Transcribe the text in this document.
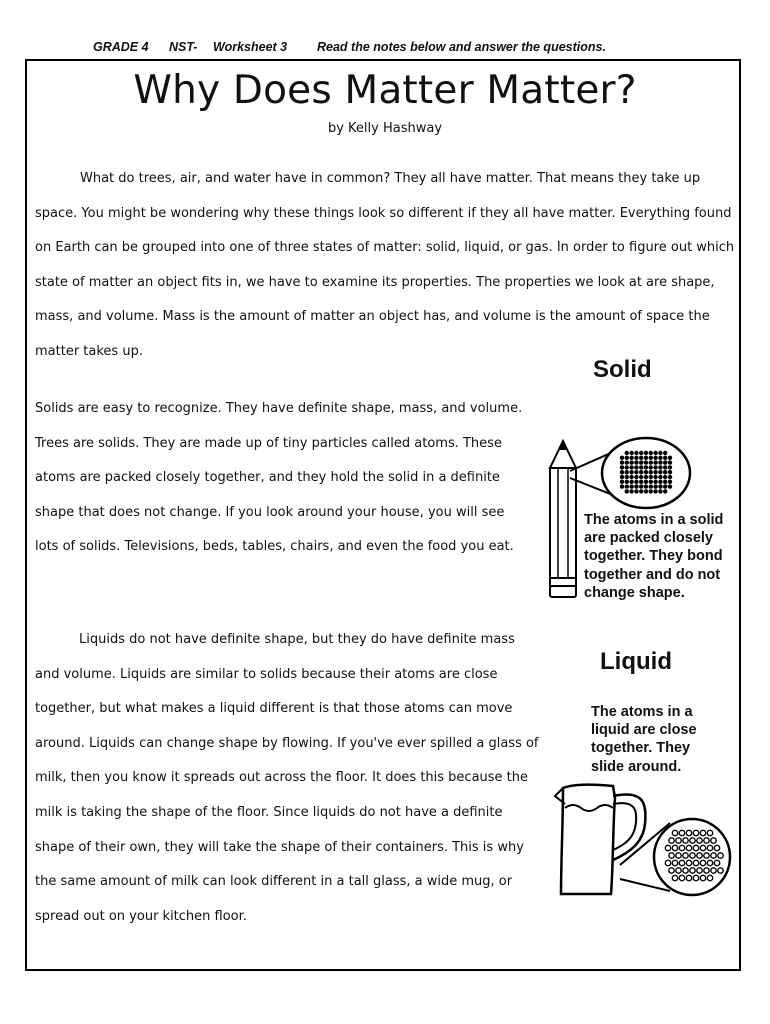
GRADE 4 NST- Worksheet 3 Read the notes below and answer the questions.
Why Does Matter Matter?
by Kelly Hashway

What do trees, air, and water have in common? They all have matter. That means they take up space. You might be wondering why these things look so different if they all have matter. Everything found on Earth can be grouped into one of three states of matter: solid, liquid, or gas. In order to figure out which state of matter an object fits in, we have to examine its properties. The properties we look at are shape, mass, and volume. Mass is the amount of matter an object has, and volume is the amount of space the matter takes up.

Solids are easy to recognize. They have definite shape, mass, and volume. Trees are solids. They are made up of tiny particles called atoms. These atoms are packed closely together, and they hold the solid in a definite shape that does not change. If you look around your house, you will see lots of solids. Televisions, beds, tables, chairs, and even the food you eat.

Liquids do not have definite shape, but they do have definite mass and volume. Liquids are similar to solids because their atoms are close together, but what makes a liquid different is that those atoms can move around. Liquids can change shape by flowing. If you've ever spilled a glass of milk, then you know it spreads out across the floor. It does this because the milk is taking the shape of the floor. Since liquids do not have a definite shape of their own, they will take the shape of their containers. This is why the same amount of milk can look different in a tall glass, a wide mug, or spread out on your kitchen floor.

Solid

The atoms in a solid are packed closely together. They bond together and do not change shape.

Liquid

The atoms in a liquid are close together. They slide around.
